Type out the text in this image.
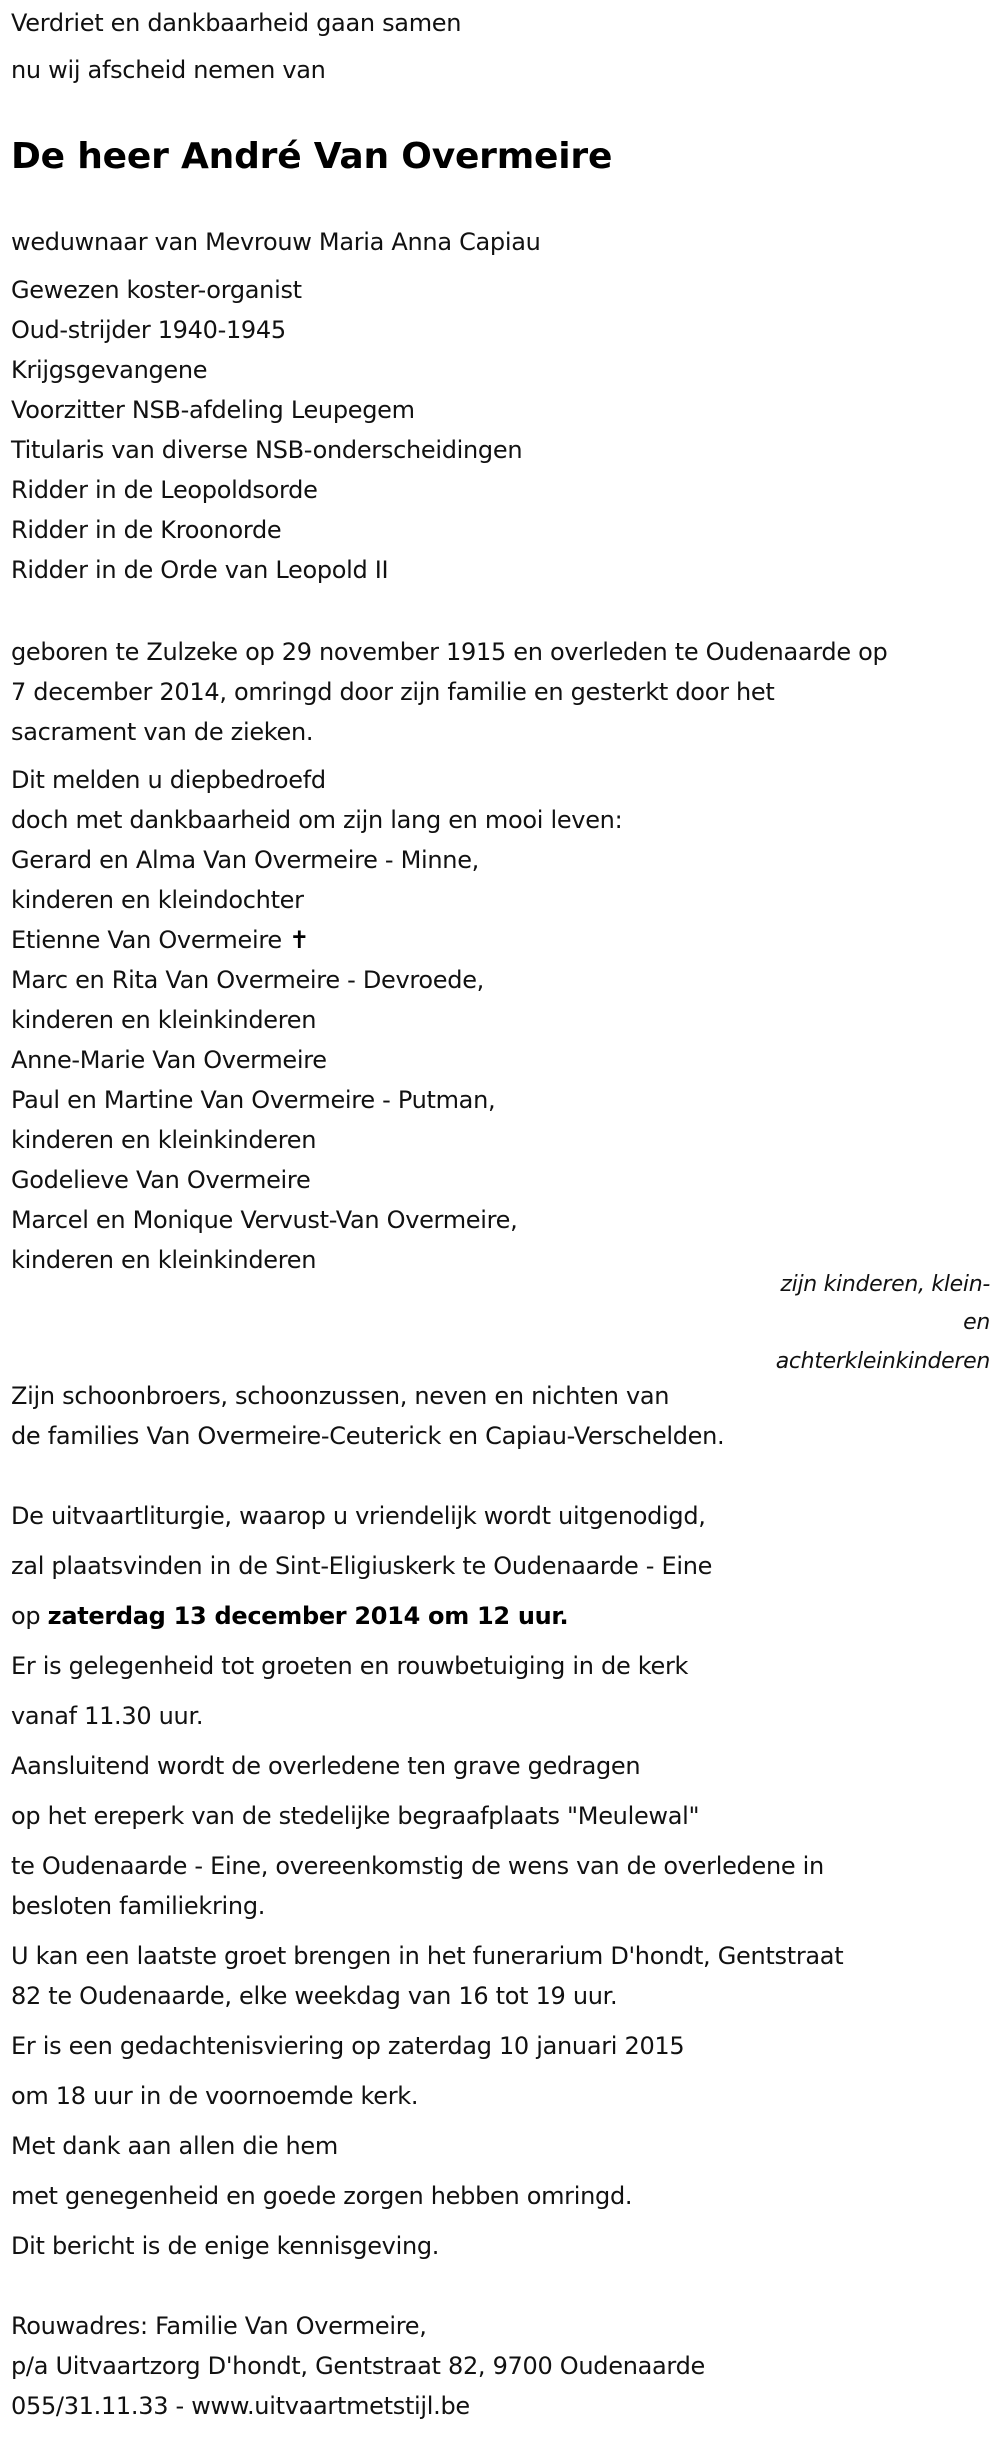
Verdriet en dankbaarheid gaan samen
nu wij afscheid nemen van
De heer André Van Overmeire
weduwnaar van Mevrouw Maria Anna Capiau
Gewezen koster-organist
Oud-strijder 1940-1945
Krijgsgevangene
Voorzitter NSB-afdeling Leupegem
Titularis van diverse NSB-onderscheidingen
Ridder in de Leopoldsorde
Ridder in de Kroonorde
Ridder in de Orde van Leopold II
geboren te Zulzeke op 29 november 1915 en overleden te Oudenaarde op
7 december 2014, omringd door zijn familie en gesterkt door het
sacrament van de zieken.
Dit melden u diepbedroefd
doch met dankbaarheid om zijn lang en mooi leven:
Gerard en Alma Van Overmeire - Minne,
kinderen en kleindochter
Etienne Van Overmeire ✝
Marc en Rita Van Overmeire - Devroede,
kinderen en kleinkinderen
Anne-Marie Van Overmeire
Paul en Martine Van Overmeire - Putman,
kinderen en kleinkinderen
Godelieve Van Overmeire
Marcel en Monique Vervust-Van Overmeire,
kinderen en kleinkinderen
zijn kinderen, klein-
en
achterkleinkinderen
Zijn schoonbroers, schoonzussen, neven en nichten van
de families Van Overmeire-Ceuterick en Capiau-Verschelden.
De uitvaartliturgie, waarop u vriendelijk wordt uitgenodigd,
zal plaatsvinden in de Sint-Eligiuskerk te Oudenaarde - Eine
op zaterdag 13 december 2014 om 12 uur.
Er is gelegenheid tot groeten en rouwbetuiging in de kerk
vanaf 11.30 uur.
Aansluitend wordt de overledene ten grave gedragen
op het ereperk van de stedelijke begraafplaats "Meulewal"
te Oudenaarde - Eine, overeenkomstig de wens van de overledene in
besloten familiekring.
U kan een laatste groet brengen in het funerarium D'hondt, Gentstraat
82 te Oudenaarde, elke weekdag van 16 tot 19 uur.
Er is een gedachtenisviering op zaterdag 10 januari 2015
om 18 uur in de voornoemde kerk.
Met dank aan allen die hem
met genegenheid en goede zorgen hebben omringd.
Dit bericht is de enige kennisgeving.
Rouwadres: Familie Van Overmeire,
p/a Uitvaartzorg D'hondt, Gentstraat 82, 9700 Oudenaarde
055/31.11.33 - www.uitvaartmetstijl.be
